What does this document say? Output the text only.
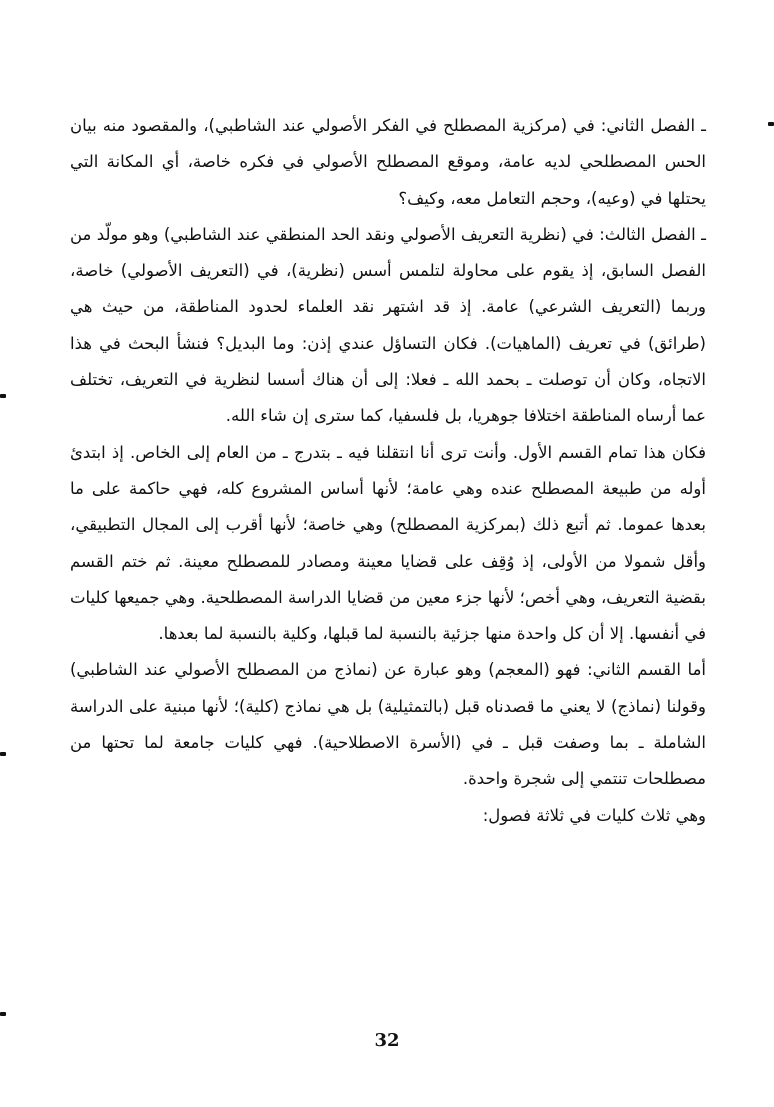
ـ الفصل الثاني: في (مركزية المصطلح في الفكر الأصولي عند الشاطبي)، والمقصود منه بيان الحس المصطلحي لديه عامة، وموقع المصطلح الأصولي في فكره خاصة، أي المكانة التي يحتلها في (وعيه)، وحجم التعامل معه، وكيف؟

ـ الفصل الثالث: في (نظرية التعريف الأصولي ونقد الحد المنطقي عند الشاطبي) وهو مولّد من الفصل السابق، إذ يقوم على محاولة لتلمس أسس (نظرية)، في (التعريف الأصولي) خاصة، وربما (التعريف الشرعي) عامة. إذ قد اشتهر نقد العلماء لحدود المناطقة، من حيث هي (طرائق) في تعريف (الماهيات). فكان التساؤل عندي إذن: وما البديل؟ فنشأ البحث في هذا الاتجاه، وكان أن توصلت ـ بحمد الله ـ فعلا: إلى أن هناك أسسا لنظرية في التعريف، تختلف عما أرساه المناطقة اختلافا جوهريا، بل فلسفيا، كما سترى إن شاء الله.

فكان هذا تمام القسم الأول. وأنت ترى أنا انتقلنا فيه ـ بتدرج ـ من العام إلى الخاص. إذ ابتدئ أوله من طبيعة المصطلح عنده وهي عامة؛ لأنها أساس المشروع كله، فهي حاكمة على ما بعدها عموما. ثم أتبع ذلك (بمركزية المصطلح) وهي خاصة؛ لأنها أقرب إلى المجال التطبيقي، وأقل شمولا من الأولى، إذ وُقِف على قضايا معينة ومصادر للمصطلح معينة. ثم ختم القسم بقضية التعريف، وهي أخص؛ لأنها جزء معين من قضايا الدراسة المصطلحية. وهي جميعها كليات في أنفسها. إلا أن كل واحدة منها جزئية بالنسبة لما قبلها، وكلية بالنسبة لما بعدها.

أما القسم الثاني: فهو (المعجم) وهو عبارة عن (نماذج من المصطلح الأصولي عند الشاطبي) وقولنا (نماذج) لا يعني ما قصدناه قبل (بالتمثيلية) بل هي نماذج (كلية)؛ لأنها مبنية على الدراسة الشاملة ـ بما وصفت قبل ـ في (الأسرة الاصطلاحية). فهي كليات جامعة لما تحتها من مصطلحات تنتمي إلى شجرة واحدة.

وهي ثلاث كليات في ثلاثة فصول:

32
